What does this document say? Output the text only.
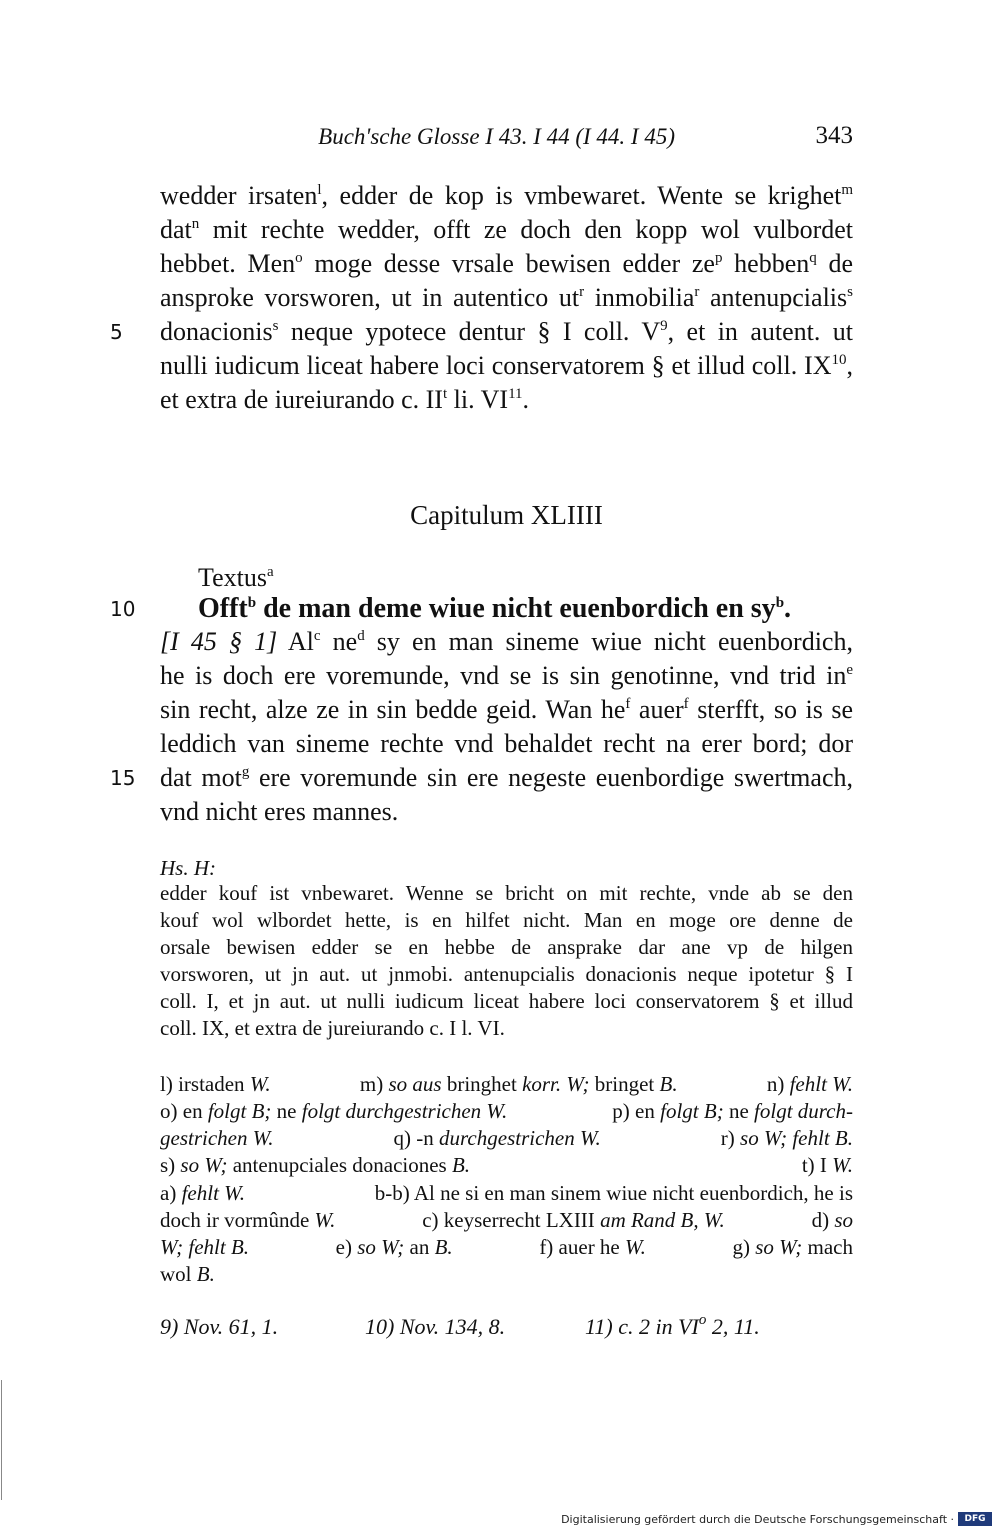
Buch'sche Glosse I 43. I 44 (I 44. I 45)	343
wedder irsaten$^l$, edder de kop is vmbewaret. Wente se krighet$^m$
dat$^n$ mit rechte wedder, offt ze doch den kopp wol vulbordet
hebbet. Men$^o$ moge desse vrsale bewisen edder $ze^p$ hebben$^q$ de
ansproke vorsworen, ut in autentico $ut^r$ inmobilia$^r$ antenupcialis$^s$
5 donacionis$^s$ neque ypotece dentur § I coll. $V^9$, et in autent. ut
nulli iudicum liceat habere loci conservatorem § et illud coll. IX$^{10}$,
et extra de iureiurando c. $II^t$ li. VI$^{11}$.
Capitulum XLIIII
Textus$^a$
10 Offt$^b$ de man deme wiue nicht euenbordich en $sy^b$.
[I 45 § 1] Al$^c$ $ne^d$ sy en man sineme wiue nicht euenbordich,
he is doch ere voremunde, vnd se is sin genotinne, vnd trid $in^e$
sin recht, alze ze in sin bedde geid. Wan $he^f$ auer$^f$ sterfft, so is se
leddich van sineme rechte vnd behaldet recht na erer bord; dor
15 dat mot$^g$ ere voremunde sin ere negeste euenbordige swertmach,
vnd nicht eres mannes.
Hs. H:
edder kouf ist vnbewaret. Wenne se bricht on mit rechte, vnde ab se den
kouf wol wlbordet hette, is en hilfet nicht. Man en moge ore denne de
orsale bewisen edder se en hebbe de ansprake dar ane vp de hilgen
vorsworen, ut jn aut. ut jnmobi. antenupcialis donacionis neque ipotetur § I
coll. I, et jn aut. ut nulli iudicum liceat habere loci conservatorem § et illud
coll. IX, et extra de jureiurando c. I l. VI.
l) irstaden W.	m) so aus bringhet korr. W; bringet B.	n) fehlt W.
o) en folgt B; ne folgt durchgestrichen W.	p) en folgt B; ne folgt durch-
gestrichen W.	q) -n durchgestrichen W.	r) so W; fehlt B.
s) so W; antenupciales donaciones B.	t) I W.
a) fehlt W.	b-b) Al ne si en man sinem wiue nicht euenbordich, he is
doch ir vormûnde W.	c) keyserrecht LXIII am Rand B, W.	d) so
W; fehlt B.	e) so W; an B.	f) auer he W.	g) so W; mach
wol B.
9) Nov. 61, 1.	10) Nov. 134, 8.	11) c. 2 in $VI^o$ 2, 11.
Digitalisierung gefördert durch die Deutsche Forschungsgemeinschaft ·	DFG
